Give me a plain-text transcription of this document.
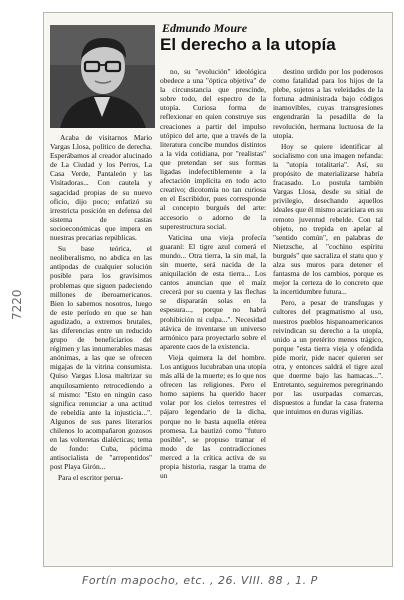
Edmundo Moure
El derecho a la utopía

Acaba de visitarnos Mario Vargas Llosa, político de derecha. Esperábamos al creador alucinado de La Ciudad y los Perros, La Casa Verde, Pantaleón y las Visitadoras... Con cautela y sagacidad propias de su nuevo oficio, dijo poco; enfatizó su irrestricta posición en defensa del sistema de castas socioeconómicas que impera en nuestras precarias repúblicas.

Su base teórica, el neoliberalismo, no abdica en las antípodas de cualquier solución posible para los gravísimos problemas que siguen padeciendo millones de iberoamericanos. Bien lo sabemos nosotros, luego de este período en que se han agudizado, a extremos brutales, las diferencias entre un reducido grupo de beneficiarios del régimen y las innumerables masas anónimas, a las que se ofrecen migajas de la vitrina consumista. Quiso Vargas Llosa maltrizar su anquilosamiento retrocediendo a sí mismo: "Esto en ningún caso significa renunciar a una actitud de rebeldía ante la injusticia...". Algunos de sus pares literarios chilenos lo acompañaron gozosos en las volteretas dialécticas; tema de fondo: Cuba, pócima antisocialista de "arrepentidos" post Playa Girón...

Para el escritor perua-

no, su "evolución" ideológica obedece a una "óptica objetiva" de la circunstancia que prescinde, sobre todo, del espectro de la utopía. Curiosa forma de reflexionar en quien construye sus creaciones a partir del impulso utópico del arte, que a través de la literatura concibe mundos distintos a la vida cotidiana, por "realistas" que pretendan ser sus formas ligadas indefectiblemente a la afectación implícita en todo acto creativo; dicotomía no tan curiosa en el Escribidor, pues corresponde al concepto burgués del arte: accesorio o adorno de la superestructura social.

Vaticina una vieja profecía guaraní: El tigre azul comerá el mundo... Otra tierra, la sin mal, la sin muerte, será nacida de la aniquilación de esta tierra... Los cantos anuncian que el maíz crecerá por su cuenta y las flechas se dispararán solas en la espesura..., porque no habrá prohibición ni culpa...". Necesidad atávica de inventarse un universo armónico para proyectarlo sobre el aparente caos de la existencia.

Vieja quimera la del hombre. Los antiguos lucubraban una utopía más allá de la muerte; es lo que nos ofrecen las religiones. Pero el homo sapiens ha querido hacer volar por los cielos terrestres el pájaro legendario de la dicha, porque no le basta aquella etérea promesa. La bautizó como "futuro posible", se propuso tramar el modo de las contradicciones merced a la crítica activa de su propia historia, rasgar la trama de un

destino urdido por los poderosos como fatalidad para los hijos de la plebe, sujetos a las veleidades de la fortuna administrada bajo códigos inamovibles, cuyas transgresiones engendrarán la pesadilla de la revolución, hermana luctuosa de la utopía.

Hoy se quiere identificar al socialismo con una imagen nefanda: la "utopía totalitaria". Así, su propósito de materializarse habría fracasado. Lo postula también Vargas Llosa, desde su sitial de privilegio, desechando aquellos ideales que él mismo acariciara en su remoto juventud rebelde. Con tal objeto, no trepida en apelar al "sentido común", en palabras de Nietzsche, al "cochino espíritu burgués" que sacraliza el statu quo y alza sus muros para detener el fantasma de los cambios, porque es mejor la certeza de lo concreto que la incertidumbre futura...

Pero, a pesar de transfugas y cultores del pragmatismo al uso, nuestros pueblos hispanoamericanos reivindican su derecho a la utopía, unido a un pretérito menos trágico, porque "esta tierra vieja y ofendida pide morir, pide nacer quieren ser otra, y entonces saldrá el tigre azul que duerme bajo las hamacas...". Entretanto, seguiremos peregrinando por las usurpadas comarcas, dispuestos a fundar la casa fraterna que intuimos en duras vigilias.

7220
Fortín mapocho, etc. , 26. VIII. 88 , 1. P
